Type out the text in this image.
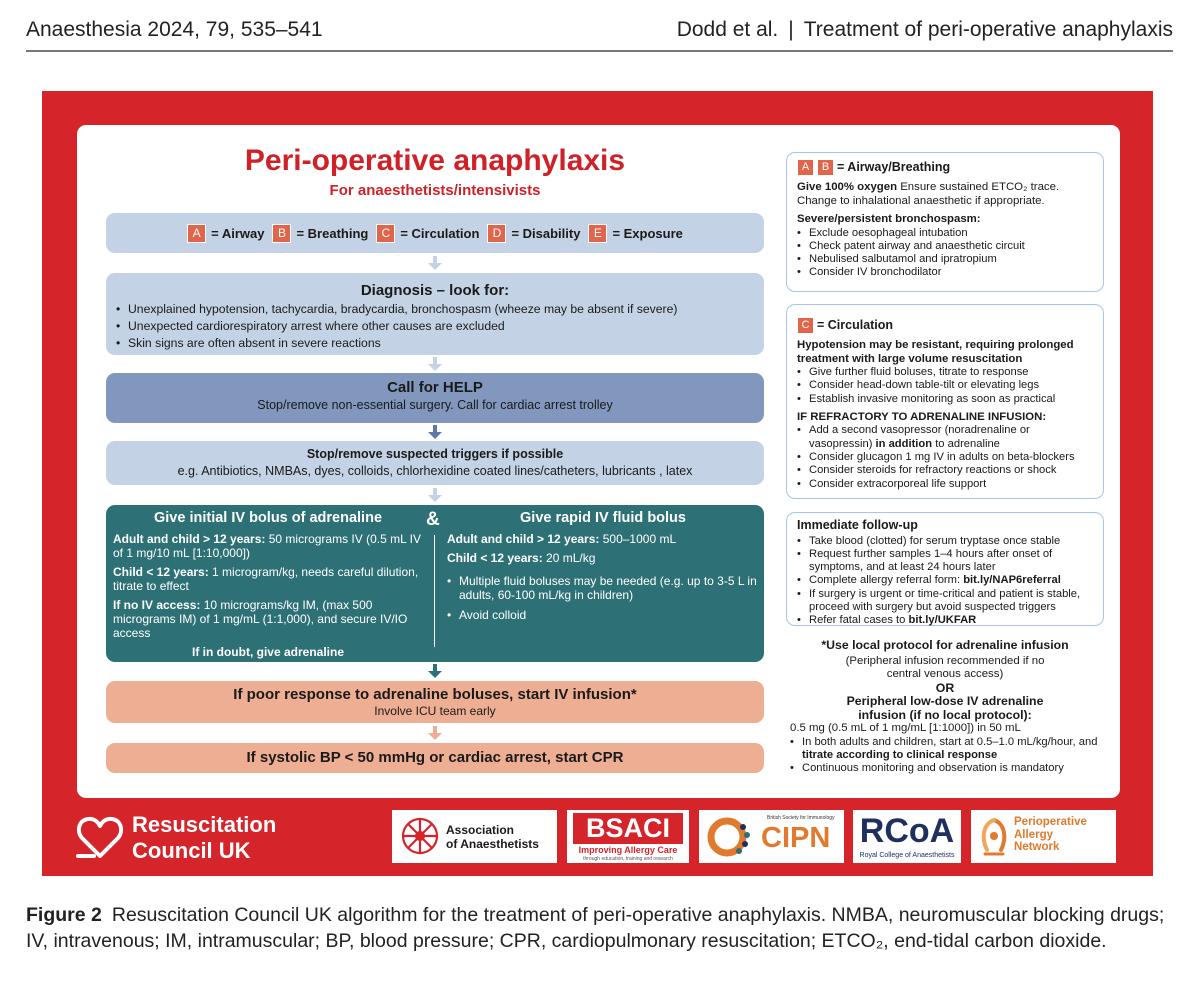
Anaesthesia 2024, 79, 535–541	Dodd et al. | Treatment of peri-operative anaphylaxis
Peri-operative anaphylaxis
For anaesthetists/intensivists
A = Airway	B = Breathing	C = Circulation	D = Disability	E = Exposure
Diagnosis – look for:
• Unexplained hypotension, tachycardia, bradycardia, bronchospasm (wheeze may be absent if severe)
• Unexpected cardiorespiratory arrest where other causes are excluded
• Skin signs are often absent in severe reactions
Call for HELP
Stop/remove non-essential surgery. Call for cardiac arrest trolley
Stop/remove suspected triggers if possible
e.g. Antibiotics, NMBAs, dyes, colloids, chlorhexidine coated lines/catheters, lubricants , latex
&
Give initial IV bolus of adrenaline

Adult and child > 12 years: 50 micrograms IV (0.5 mL IV of 1 mg/10 mL [1:10,000])

Child < 12 years: 1 microgram/kg, needs careful dilution, titrate to effect

If no IV access: 10 micrograms/kg IM, (max 500 micrograms IM) of 1 mg/mL (1:1,000), and secure IV/IO access

If in doubt, give adrenaline
Give rapid IV fluid bolus

Adult and child > 12 years: 500–1000 mL

Child < 12 years: 20 mL/kg

• Multiple fluid boluses may be needed (e.g. up to 3-5 L in adults, 60-100 mL/kg in children)
• Avoid colloid
If poor response to adrenaline boluses, start IV infusion*
Involve ICU team early
If systolic BP < 50 mmHg or cardiac arrest, start CPR
A	B = Airway/Breathing

Give 100% oxygen Ensure sustained ETCO₂ trace. Change to inhalational anaesthetic if appropriate.

Severe/persistent bronchospasm:
• Exclude oesophageal intubation
• Check patent airway and anaesthetic circuit
• Nebulised salbutamol and ipratropium
• Consider IV bronchodilator
C = Circulation
Hypotension may be resistant, requiring prolonged treatment with large volume resuscitation
• Give further fluid boluses, titrate to response
• Consider head-down table-tilt or elevating legs
• Establish invasive monitoring as soon as practical
IF REFRACTORY TO ADRENALINE INFUSION:
• Add a second vasopressor (noradrenaline or vasopressin) in addition to adrenaline
• Consider glucagon 1 mg IV in adults on beta-blockers
• Consider steroids for refractory reactions or shock
• Consider extracorporeal life support
Immediate follow-up
• Take blood (clotted) for serum tryptase once stable
• Request further samples 1–4 hours after onset of symptoms, and at least 24 hours later
• Complete allergy referral form: bit.ly/NAP6referral
• If surgery is urgent or time-critical and patient is stable, proceed with surgery but avoid suspected triggers
• Refer fatal cases to bit.ly/UKFAR
*Use local protocol for adrenaline infusion
(Peripheral infusion recommended if no central venous access)
OR
Peripheral low-dose IV adrenaline infusion (if no local protocol):
0.5 mg (0.5 mL of 1 mg/mL [1:1000]) in 50 mL
• In both adults and children, start at 0.5–1.0 mL/kg/hour, and titrate according to clinical response
• Continuous monitoring and observation is mandatory
Resuscitation
Council UK
Association
of Anaesthetists
BSACI
Improving Allergy Care
through education, training and research
British Society for Immunology
CIPN RCoA
Royal College of Anaesthetists
Perioperative
Allergy
Network
Figure 2 Resuscitation Council UK algorithm for the treatment of peri-operative anaphylaxis. NMBA, neuromuscular blocking drugs; IV, intravenous; IM, intramuscular; BP, blood pressure; CPR, cardiopulmonary resuscitation; ETCO₂, end-tidal carbon dioxide.
